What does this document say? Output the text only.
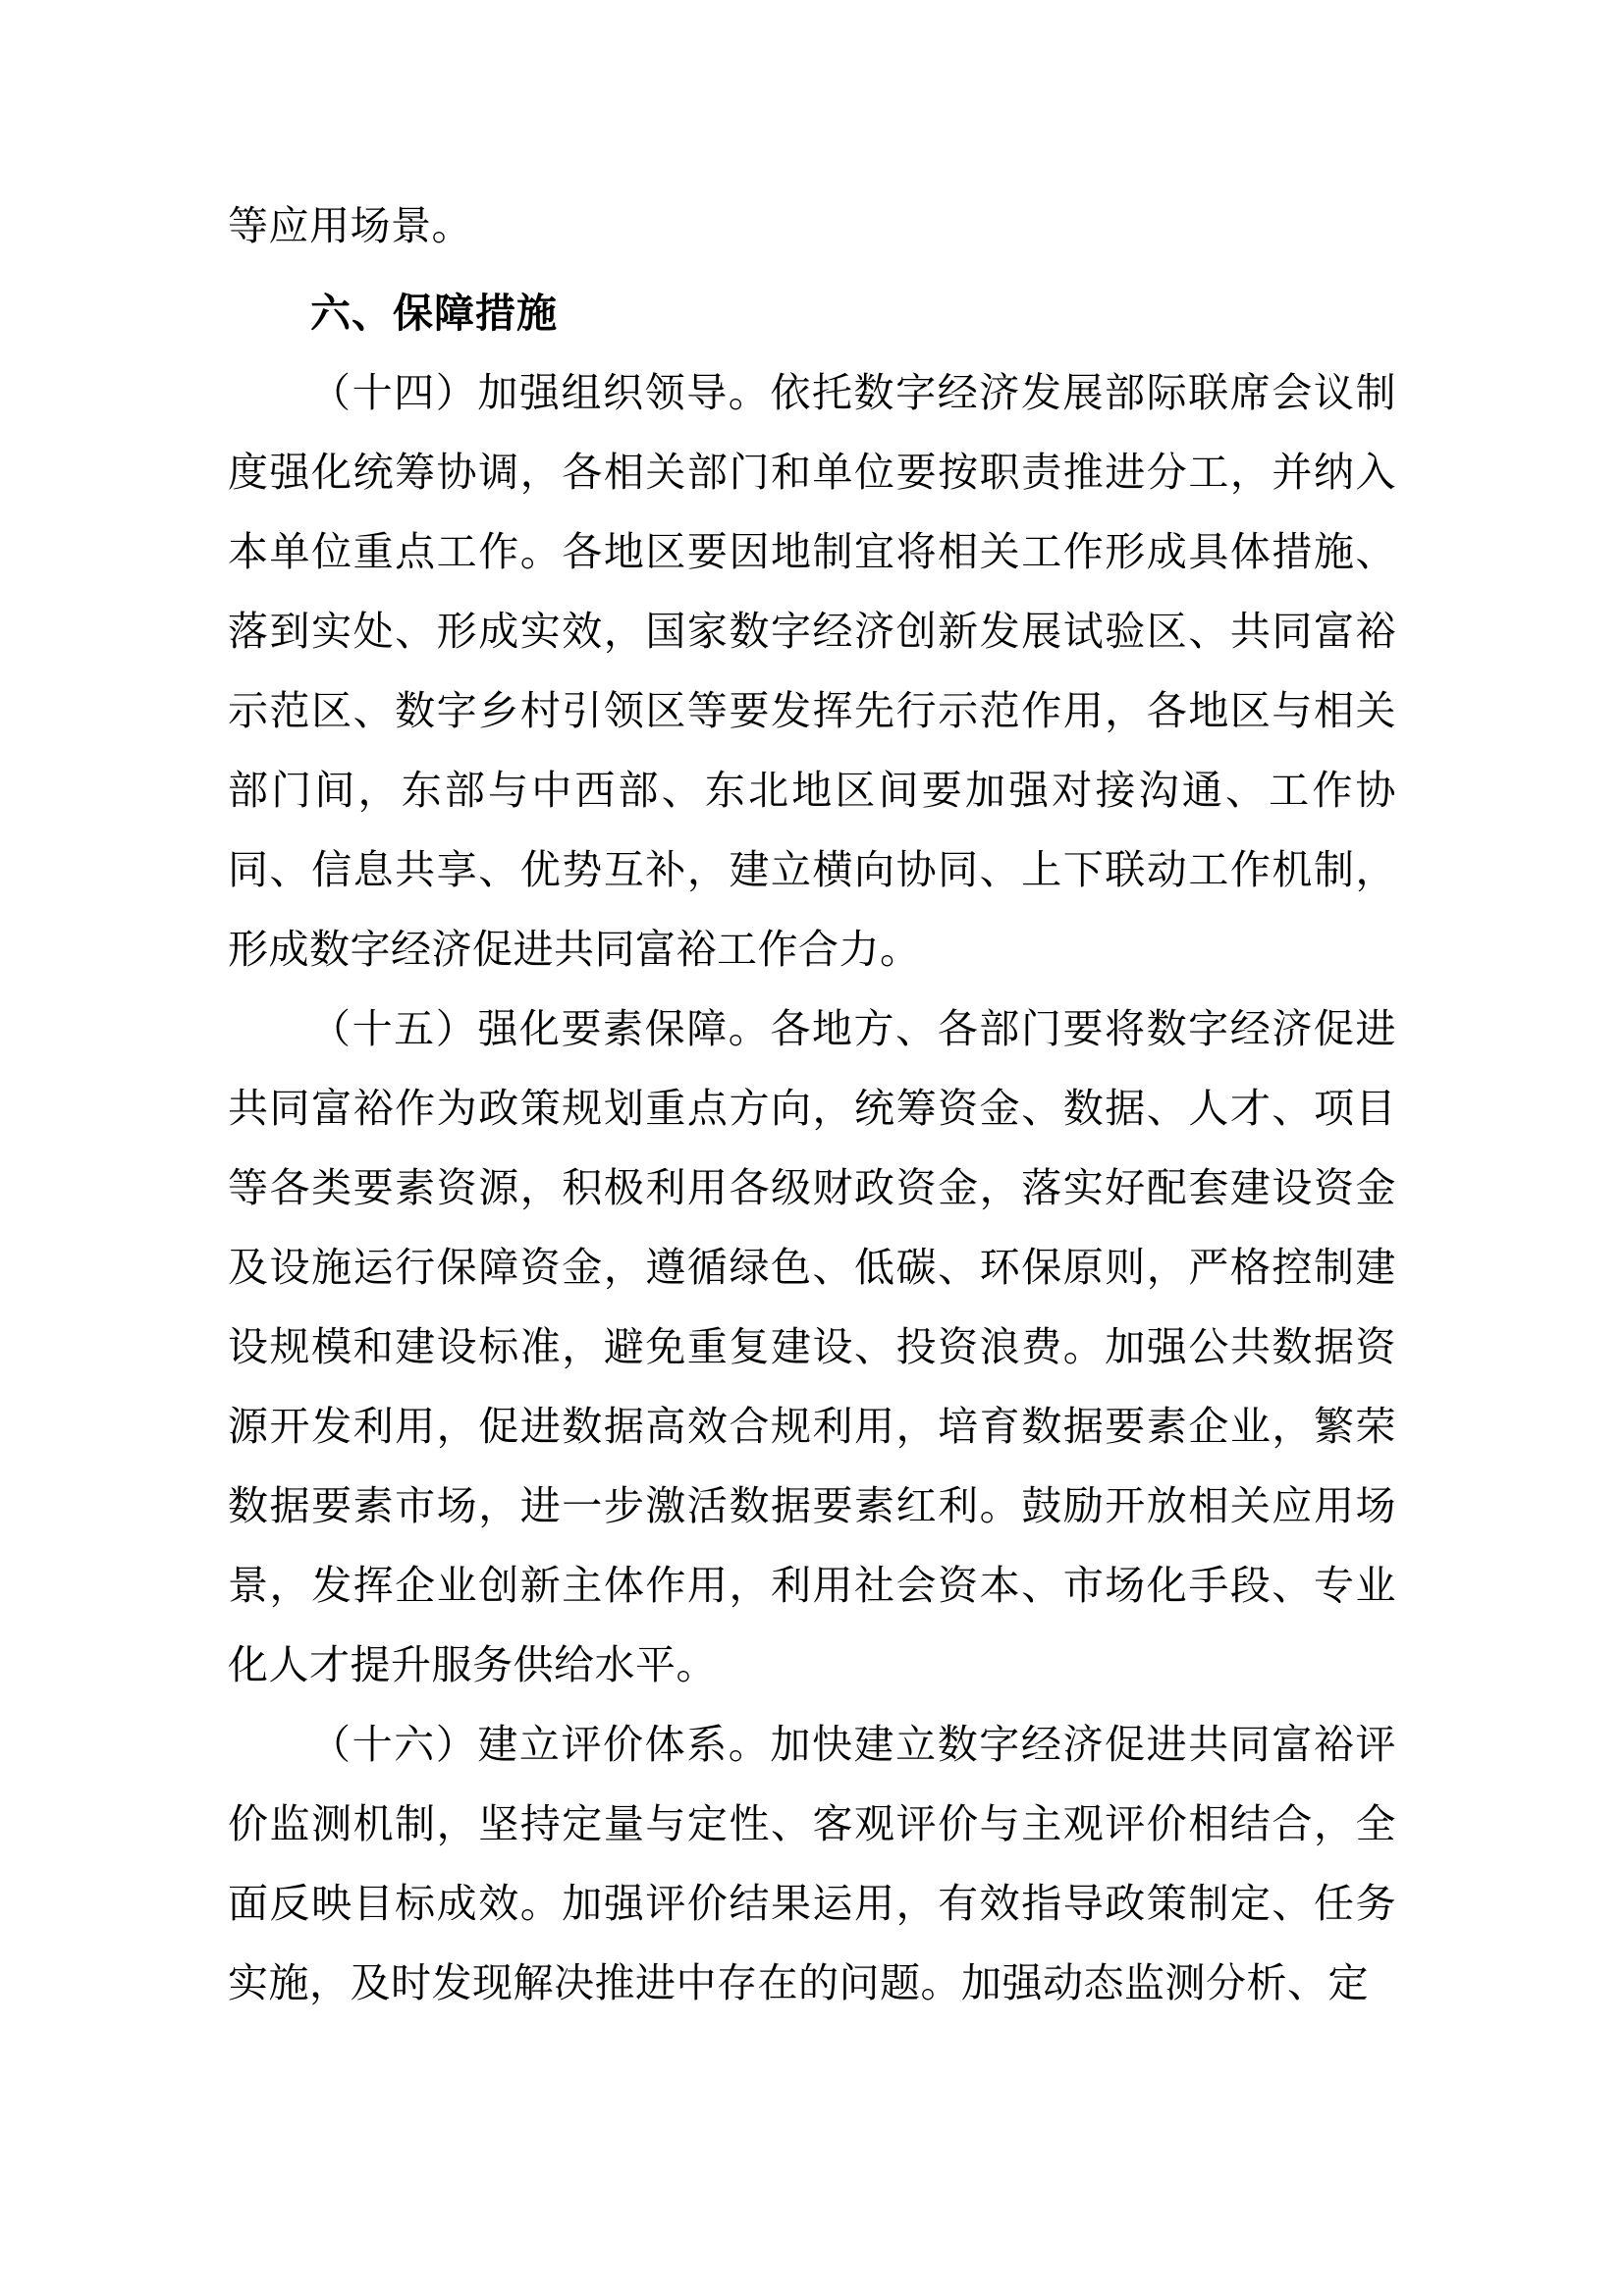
等应用场景。

六、保障措施

（十四）加强组织领导。依托数字经济发展部际联席会议制度强化统筹协调，各相关部门和单位要按职责推进分工，并纳入本单位重点工作。各地区要因地制宜将相关工作形成具体措施、落到实处、形成实效，国家数字经济创新发展试验区、共同富裕示范区、数字乡村引领区等要发挥先行示范作用，各地区与相关部门间，东部与中西部、东北地区间要加强对接沟通、工作协同、信息共享、优势互补，建立横向协同、上下联动工作机制，形成数字经济促进共同富裕工作合力。

（十五）强化要素保障。各地方、各部门要将数字经济促进共同富裕作为政策规划重点方向，统筹资金、数据、人才、项目等各类要素资源，积极利用各级财政资金，落实好配套建设资金及设施运行保障资金，遵循绿色、低碳、环保原则，严格控制建设规模和建设标准，避免重复建设、投资浪费。加强公共数据资源开发利用，促进数据高效合规利用，培育数据要素企业，繁荣数据要素市场，进一步激活数据要素红利。鼓励开放相关应用场景，发挥企业创新主体作用，利用社会资本、市场化手段、专业化人才提升服务供给水平。

（十六）建立评价体系。加快建立数字经济促进共同富裕评价监测机制，坚持定量与定性、客观评价与主观评价相结合，全面反映目标成效。加强评价结果运用，有效指导政策制定、任务实施，及时发现解决推进中存在的问题。加强动态监测分析、定
